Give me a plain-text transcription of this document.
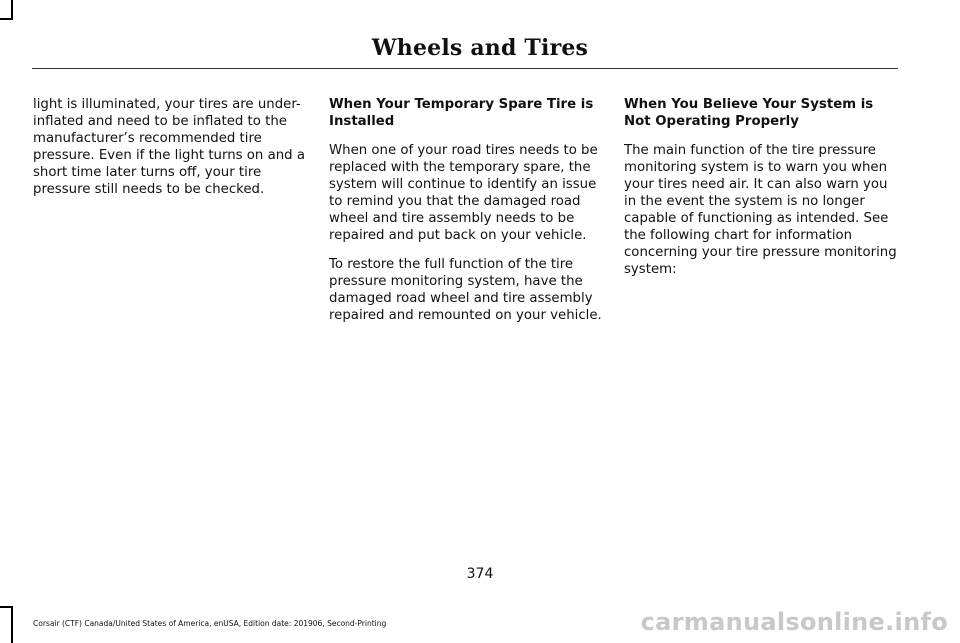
Wheels and Tires

light is illuminated, your tires are under-inflated and need to be inflated to the manufacturer’s recommended tire pressure. Even if the light turns on and a short time later turns off, your tire pressure still needs to be checked.

When Your Temporary Spare Tire is Installed

When one of your road tires needs to be replaced with the temporary spare, the system will continue to identify an issue to remind you that the damaged road wheel and tire assembly needs to be repaired and put back on your vehicle.

To restore the full function of the tire pressure monitoring system, have the damaged road wheel and tire assembly repaired and remounted on your vehicle.

When You Believe Your System is Not Operating Properly

The main function of the tire pressure monitoring system is to warn you when your tires need air. It can also warn you in the event the system is no longer capable of functioning as intended. See the following chart for information concerning your tire pressure monitoring system:

374
Corsair (CTF) Canada/United States of America, enUSA, Edition date: 201906, Second-Printing	carmanualsonline.info
